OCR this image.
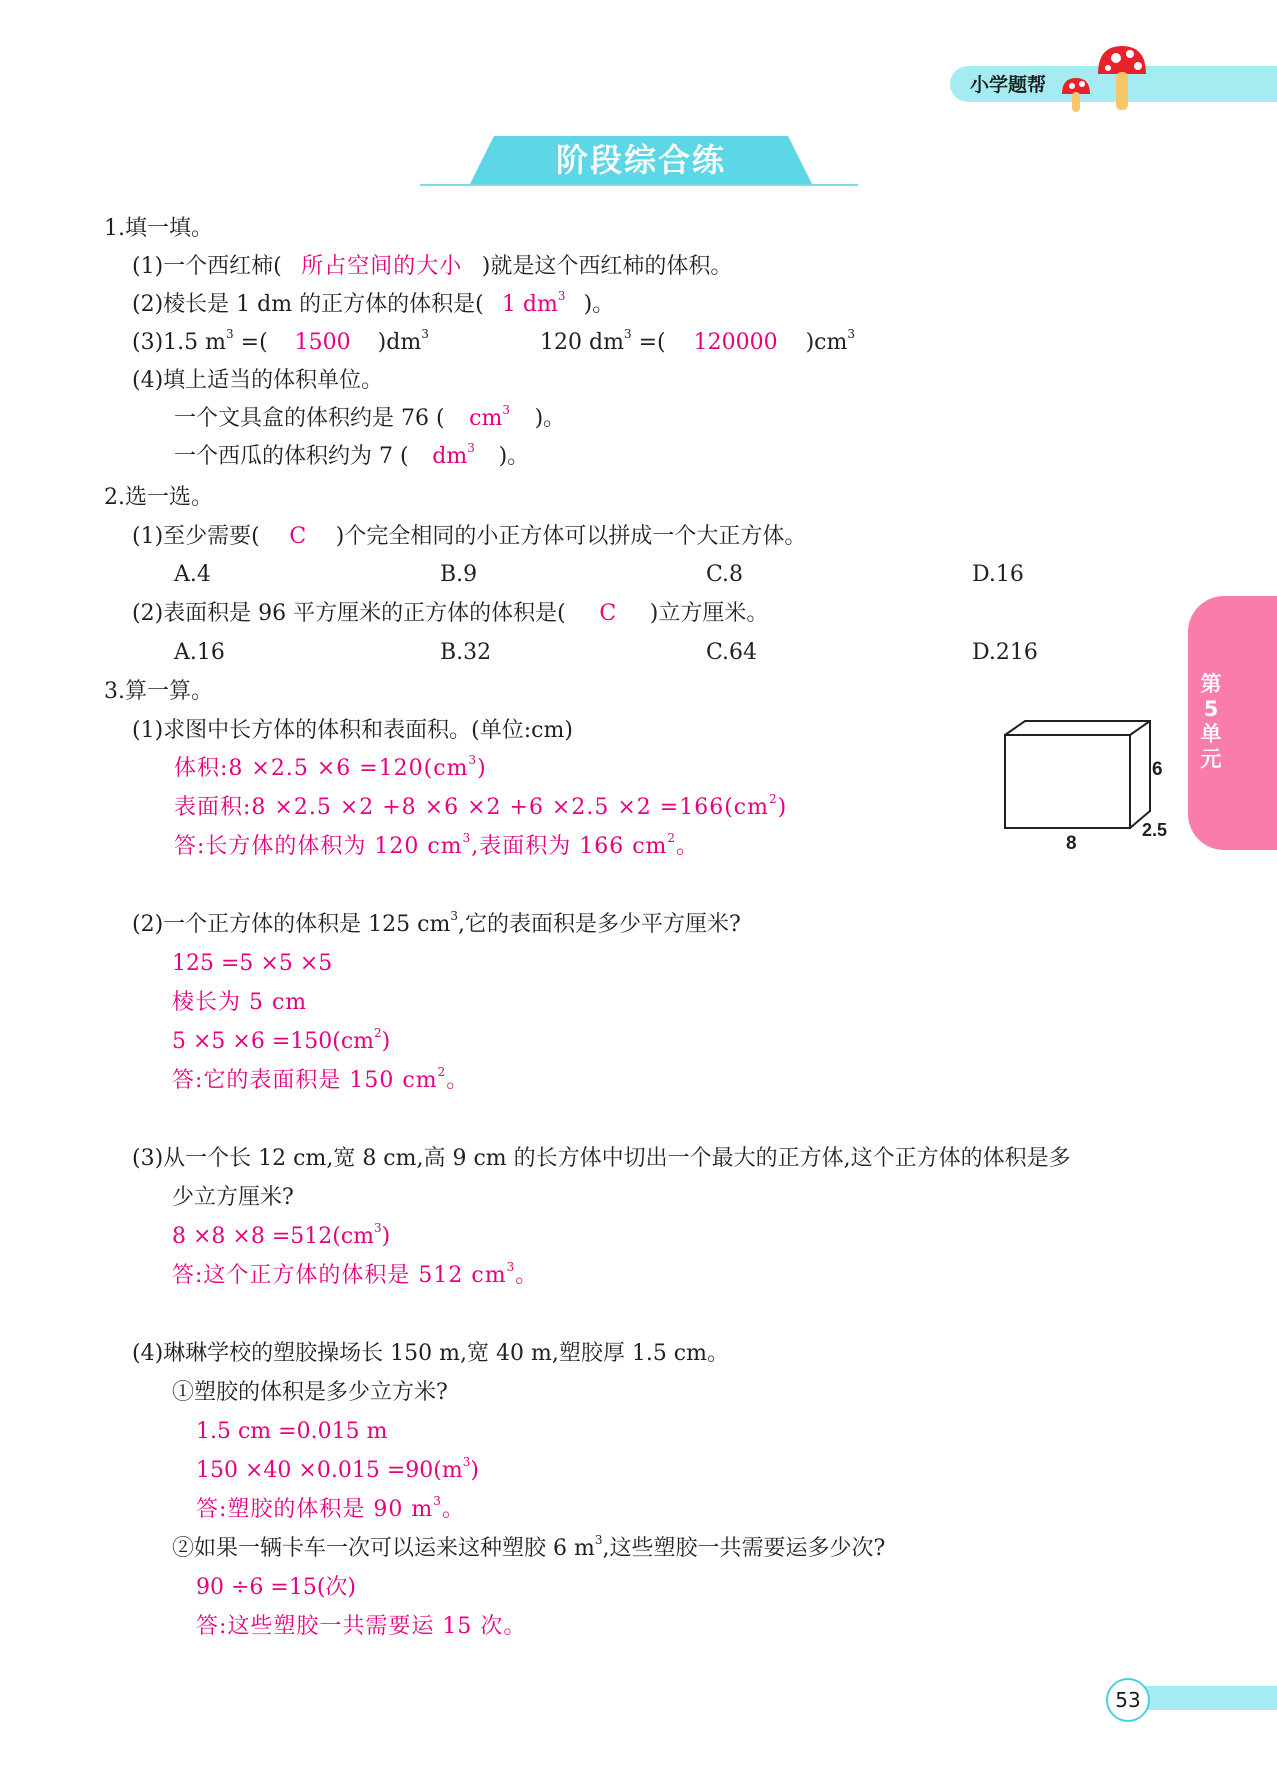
小学题帮
阶段综合练
第5单元
1.填一填。
(1)一个西红柿( 所占空间的大小 )就是这个西红柿的体积。
(2)棱长是 1 dm 的正方体的体积是( 1 $dm^3$ )。
(3)1.5 $m^3$ =( 1500 )$dm^3$	120 $dm^3$ =( 120000 )$cm^3$
(4)填上适当的体积单位。
一个文具盒的体积约是 76 ( $cm^3$ )。
一个西瓜的体积约为 7 ( $dm^3$ )。
2.选一选。
(1)至少需要( C )个完全相同的小正方体可以拼成一个大正方体。
A.4	B.9	C.8	D.16
(2)表面积是 96 平方厘米的正方体的体积是( C )立方厘米。
A.16	B.32	C.64	D.216
3.算一算。
(1)求图中长方体的体积和表面积。(单位:cm)
体积:8 $\times 2.5 \times 6 =120(cm^3)$
表面积:8 $\times 2.5 \times 2 +8 \times 6 \times 2 +6 \times 2.5 \times 2 =166(cm^2)$
答:长方体的体积为 120 $cm^3$,表面积为 166 $cm^2$。
6
8
2.5
(2)一个正方体的体积是 125 $cm^3$,它的表面积是多少平方厘米?
125 =5 ×5 ×5
棱长为 5 cm
$5 \times 5 \times 6 =150(cm^2)$
答:它的表面积是 150 $cm^2$。
(3)从一个长 12 cm,宽 8 cm,高 9 cm 的长方体中切出一个最大的正方体,这个正方体的体积是多
少立方厘米?
$8 \times 8 \times 8 =512(cm^3)$
答:这个正方体的体积是 512 $cm^3$。
(4)琳琳学校的塑胶操场长 150 m,宽 40 m,塑胶厚 1.5 cm。
①塑胶的体积是多少立方米?
1.5 cm =0.015 m
$150 \times 40 \times 0.015 =90(m^3)$
答:塑胶的体积是 90 $m^3$。
②如果一辆卡车一次可以运来这种塑胶 6 $m^3$,这些塑胶一共需要运多少次?
90 ÷6 =15(次)
答:这些塑胶一共需要运 15 次。
53
